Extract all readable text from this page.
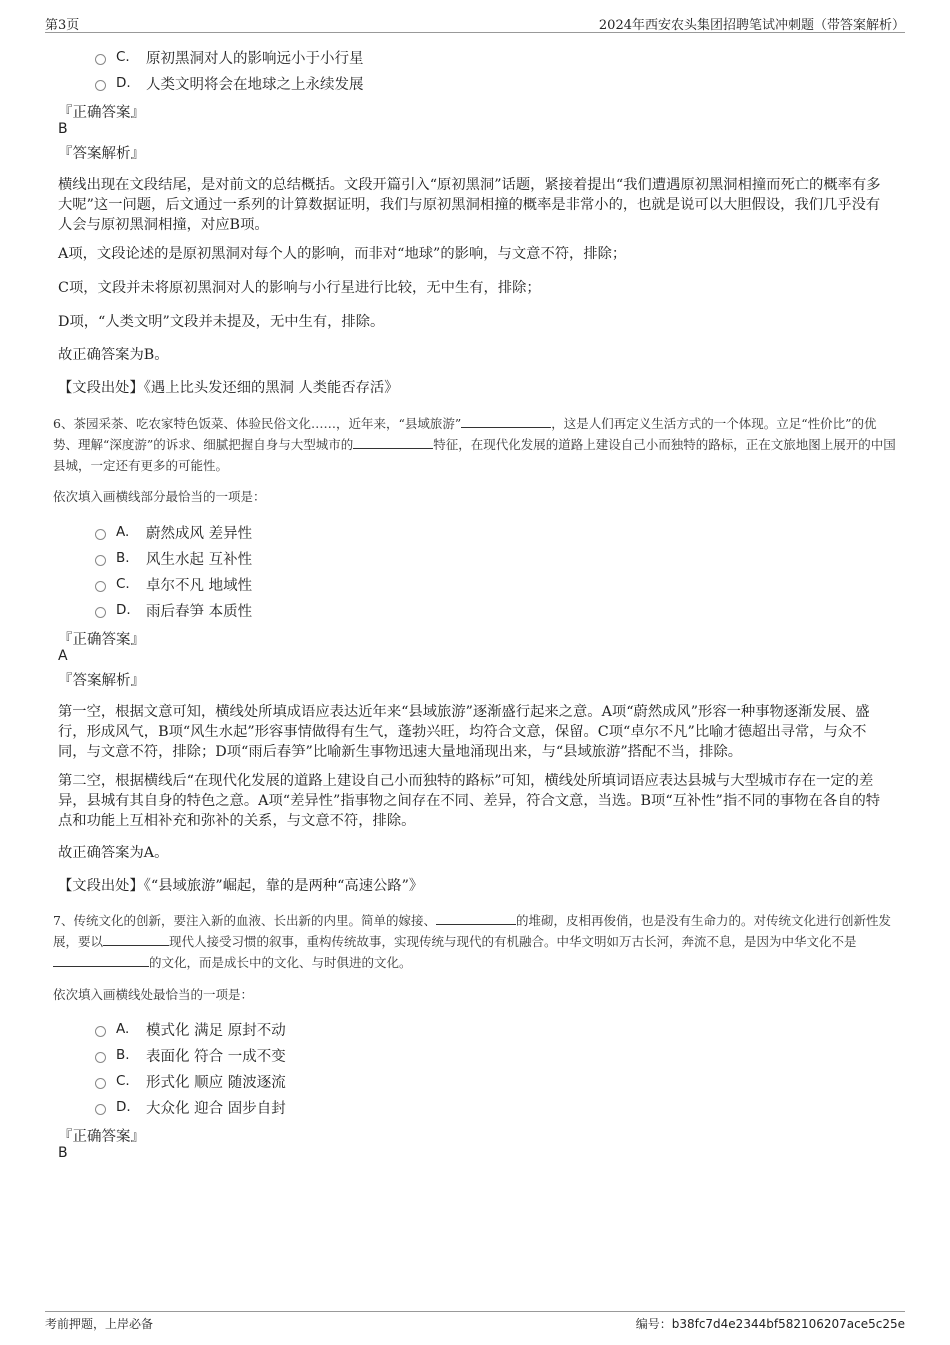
第3页	2024年西安农头集团招聘笔试冲刺题（带答案解析）
C.	原初黑洞对人的影响远小于小行星
D.	人类文明将会在地球之上永续发展
『正确答案』
B
『答案解析』
横线出现在文段结尾，是对前文的总结概括。文段开篇引入“原初黑洞”话题，紧接着提出“我们遭遇原初黑洞相撞而死亡的概率有多大呢”这一问题，后文通过一系列的计算数据证明，我们与原初黑洞相撞的概率是非常小的，也就是说可以大胆假设，我们几乎没有人会与原初黑洞相撞，对应B项。
A项，文段论述的是原初黑洞对每个人的影响，而非对“地球”的影响，与文意不符，排除；
C项，文段并未将原初黑洞对人的影响与小行星进行比较，无中生有，排除；
D项，“人类文明”文段并未提及，无中生有，排除。
故正确答案为B。
【文段出处】《遇上比头发还细的黑洞 人类能否存活》
6、茶园采茶、吃农家特色饭菜、体验民俗文化……，近年来，“县域旅游”	，这是人们再定义生活方式的一个体现。立足“性价比”的优势、理解“深度游”的诉求、细腻把握自身与大型城市的	特征，在现代化发展的道路上建设自己小而独特的路标，正在文旅地图上展开的中国县城，一定还有更多的可能性。
依次填入画横线部分最恰当的一项是：
A.	蔚然成风 差异性
B.	风生水起 互补性
C.	卓尔不凡 地域性
D.	雨后春笋 本质性
『正确答案』
A
『答案解析』
第一空，根据文意可知，横线处所填成语应表达近年来“县域旅游”逐渐盛行起来之意。A项“蔚然成风”形容一种事物逐渐发展、盛行，形成风气，B项“风生水起”形容事情做得有生气，蓬勃兴旺，均符合文意，保留。C项“卓尔不凡”比喻才德超出寻常，与众不同，与文意不符，排除；D项“雨后春笋”比喻新生事物迅速大量地涌现出来，与“县域旅游”搭配不当，排除。
第二空，根据横线后“在现代化发展的道路上建设自己小而独特的路标”可知，横线处所填词语应表达县城与大型城市存在一定的差异，县城有其自身的特色之意。A项“差异性”指事物之间存在不同、差异，符合文意，当选。B项“互补性”指不同的事物在各自的特点和功能上互相补充和弥补的关系，与文意不符，排除。
故正确答案为A。
【文段出处】《“县域旅游”崛起，靠的是两种“高速公路”》
7、传统文化的创新，要注入新的血液、长出新的内里。简单的嫁接、	的堆砌，皮相再俊俏，也是没有生命力的。对传统文化进行创新性发展，要以	现代人接受习惯的叙事，重构传统故事，实现传统与现代的有机融合。中华文明如万古长河，奔流不息，是因为中华文化不是的文化，而是成长中的文化、与时俱进的文化。
依次填入画横线处最恰当的一项是：
A.	模式化 满足 原封不动
B.	表面化 符合 一成不变
C.	形式化 顺应 随波逐流
D.	大众化 迎合 固步自封
『正确答案』
B
考前押题，上岸必备	编号：b38fc7d4e2344bf582106207ace5c25e
